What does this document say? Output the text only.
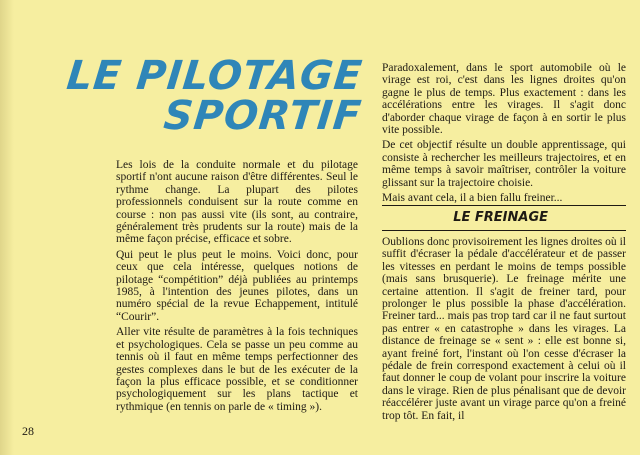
LE PILOTAGE
SPORTIF

Les lois de la conduite normale et du pilotage sportif n'ont aucune raison d'être différentes. Seul le rythme change. La plupart des pilotes professionnels conduisent sur la route comme en course : non pas aussi vite (ils sont, au contraire, généralement très prudents sur la route) mais de la même façon précise, efficace et sobre.

Qui peut le plus peut le moins. Voici donc, pour ceux que cela intéresse, quelques notions de pilotage “compétition” déjà publiées au printemps 1985, à l'intention des jeunes pilotes, dans un numéro spécial de la revue Echappement, intitulé “Courir”.

Aller vite résulte de paramètres à la fois techniques et psychologiques. Cela se passe un peu comme au tennis où il faut en même temps perfectionner des gestes complexes dans le but de les exécuter de la façon la plus efficace possible, et se conditionner psychologiquement sur les plans tactique et rythmique (en tennis on parle de « timing »).

Paradoxalement, dans le sport automobile où le virage est roi, c'est dans les lignes droites qu'on gagne le plus de temps. Plus exactement : dans les accélérations entre les virages. Il s'agit donc d'aborder chaque virage de façon à en sortir le plus vite possible.

De cet objectif résulte un double apprentissage, qui consiste à rechercher les meilleurs trajectoires, et en même temps à savoir maîtriser, contrôler la voiture glissant sur la trajectoire choisie.

Mais avant cela, il a bien fallu freiner...

LE FREINAGE

Oublions donc provisoirement les lignes droites où il suffit d'écraser la pédale d'accélérateur et de passer les vitesses en perdant le moins de temps possible (mais sans brusquerie). Le freinage mérite une certaine attention. Il s'agit de freiner tard, pour prolonger le plus possible la phase d'accélération. Freiner tard... mais pas trop tard car il ne faut surtout pas entrer « en catastrophe » dans les virages. La distance de freinage se « sent » : elle est bonne si, ayant freiné fort, l'instant où l'on cesse d'écraser la pédale de frein correspond exactement à celui où il faut donner le coup de volant pour inscrire la voiture dans le virage. Rien de plus pénalisant que de devoir réaccélérer juste avant un virage parce qu'on a freiné trop tôt. En fait, il

28
